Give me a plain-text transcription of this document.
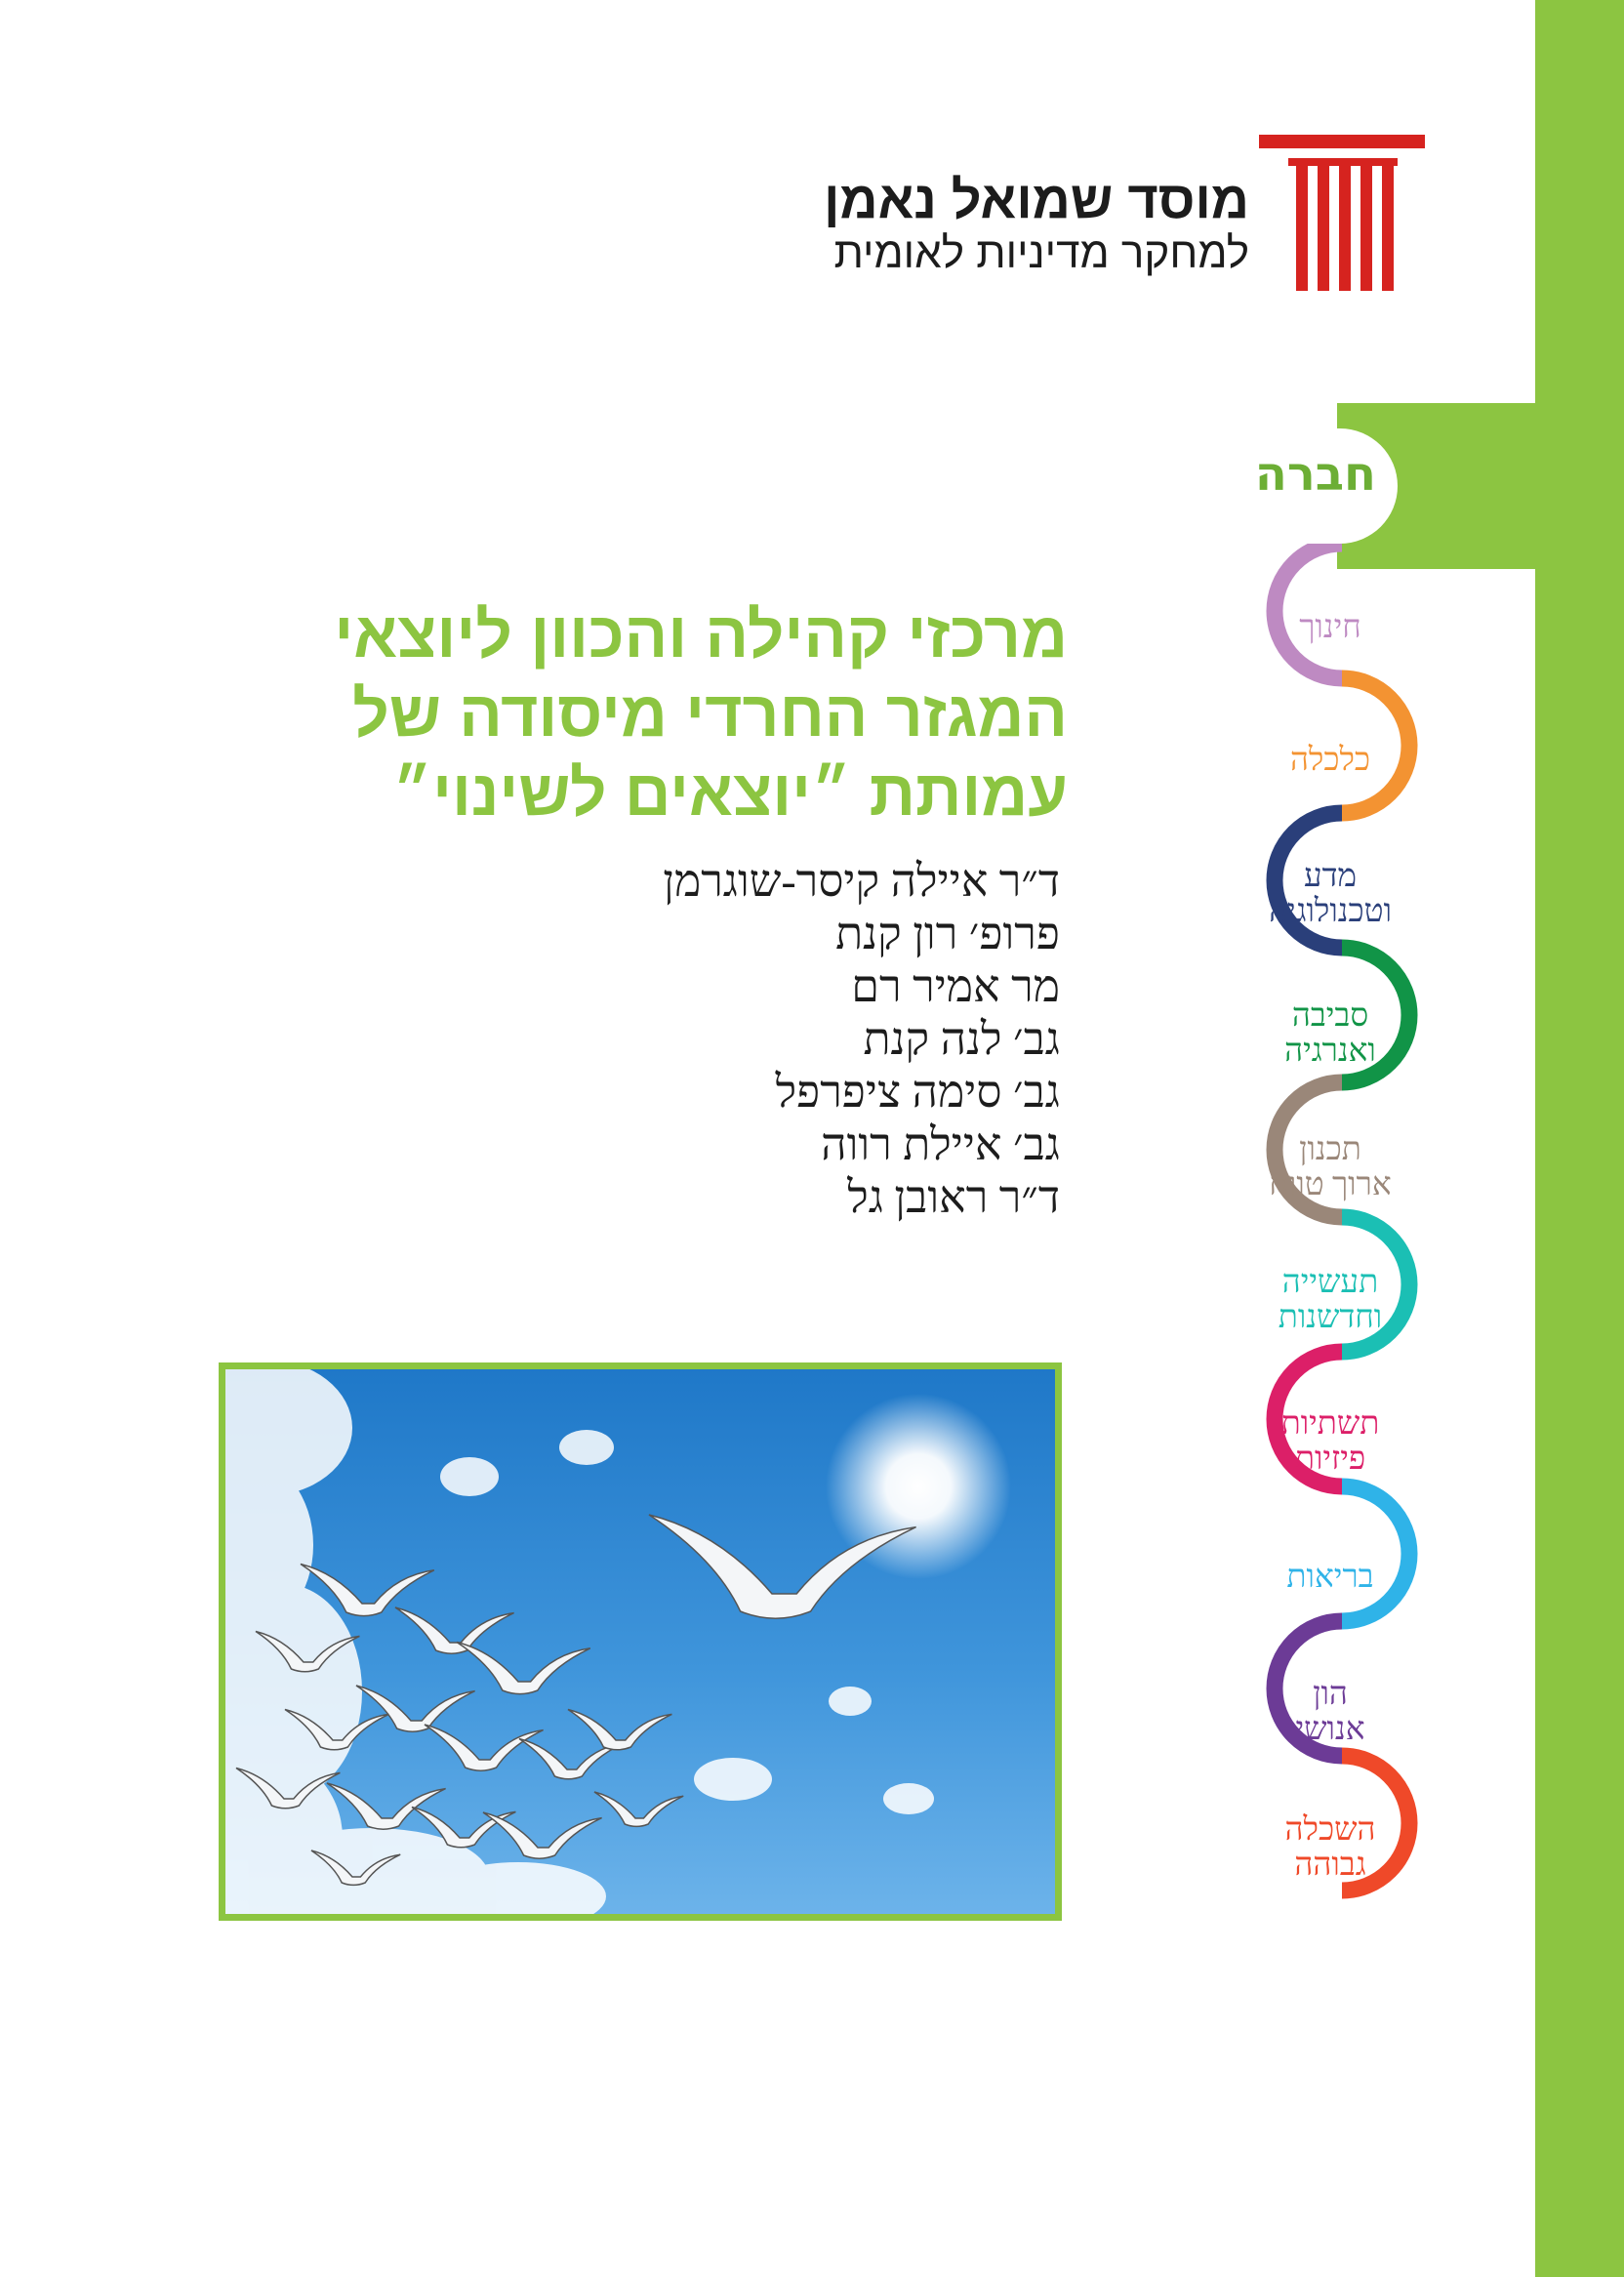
חברה
מוסד שמואל נאמן
למחקר מדיניות לאומית
מרכזי קהילה והכוון ליוצאי
המגזר החרדי מיסודה של
עמותת ״יוצאים לשינוי״
ד״ר איילה קיסר-שוגרמן
פרופ׳ רון קנת
מר אמיר רם
גב׳ לנה קנת
גב׳ סימה ציפרפל
גב׳ איילת רווה
ד״ר ראובן גל
חינוך
כלכלה
מדע
וטכנולוגיה
סביבה
ואנרגיה
תכנון
ארוך טווח
תעשייה
וחדשנות
תשתיות
פיזיות
בריאות
הון
אנושי
השכלה
גבוהה
